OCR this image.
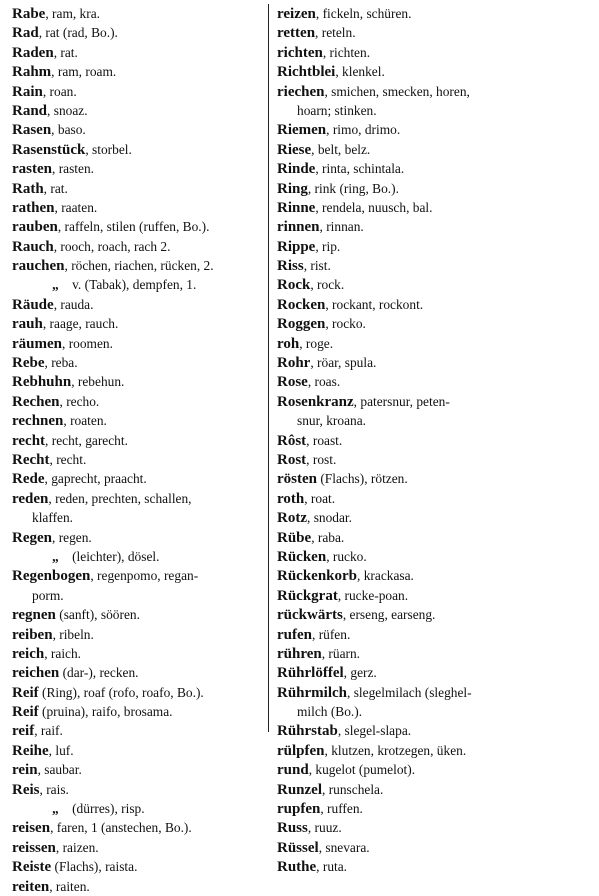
Rabe, ram, kra.
Rad, rat (rad, Bo.).
Raden, rat.
Rahm, ram, roam.
Rain, roan.
Rand, snoaz.
Rasen, baso.
Rasenstück, storbel.
rasten, rasten.
Rath, rat.
rathen, raaten.
rauben, raffeln, stilen (ruffen, Bo.).
Rauch, rooch, roach, rach 2.
rauchen, röchen, riachen, rücken, 2.
„  v. (Tabak), dempfen, 1.
Räude, rauda.
rauh, raage, rauch.
räumen, roomen.
Rebe, reba.
Rebhuhn, rebehun.
Rechen, recho.
rechnen, roaten.
recht, recht, garecht.
Recht, recht.
Rede, gaprecht, praacht.
reden, reden, prechten, schallen,
klaffen.
Regen, regen.
„  (leichter), dösel.
Regenbogen, regenpomo, regan-
porm.
regnen (sanft), söören.
reiben, ribeln.
reich, raich.
reichen (dar-), recken.
Reif (Ring), roaf (rofo, roafo, Bo.).
Reif (pruina), raifo, brosama.
reif, raif.
Reihe, luf.
rein, saubar.
Reis, rais.
„  (dürres), risp.
reisen, faren, 1 (anstechen, Bo.).
reissen, raizen.
Reiste (Flachs), raista.
reiten, raiten.
reizen, fickeln, schüren.
retten, reteln.
richten, richten.
Richtblei, klenkel.
riechen, smichen, smecken, horen,
hoarn; stinken.
Riemen, rimo, drimo.
Riese, belt, belz.
Rinde, rinta, schintala.
Ring, rink (ring, Bo.).
Rinne, rendela, nuusch, bal.
rinnen, rinnan.
Rippe, rip.
Riss, rist.
Rock, rock.
Rocken, rockant, rockont.
Roggen, rocko.
roh, roge.
Rohr, röar, spula.
Rose, roas.
Rosenkranz, patersnur, peten-
snur, kroana.
Rôst, roast.
Rost, rost.
rösten (Flachs), rötzen.
roth, roat.
Rotz, snodar.
Rübe, raba.
Rücken, rucko.
Rückenkorb, krackasa.
Rückgrat, rucke-poan.
rückwärts, erseng, earseng.
rufen, rüfen.
rühren, rüarn.
Rührlöffel, gerz.
Rührmilch, slegelmilach (sleghel-
milch (Bo.).
Rührstab, slegel-slapa.
rülpfen, klutzen, krotzegen, üken.
rund, kugelot (pumelot).
Runzel, runschela.
rupfen, ruffen.
Russ, ruuz.
Rüssel, snevara.
Ruthe, ruta.
